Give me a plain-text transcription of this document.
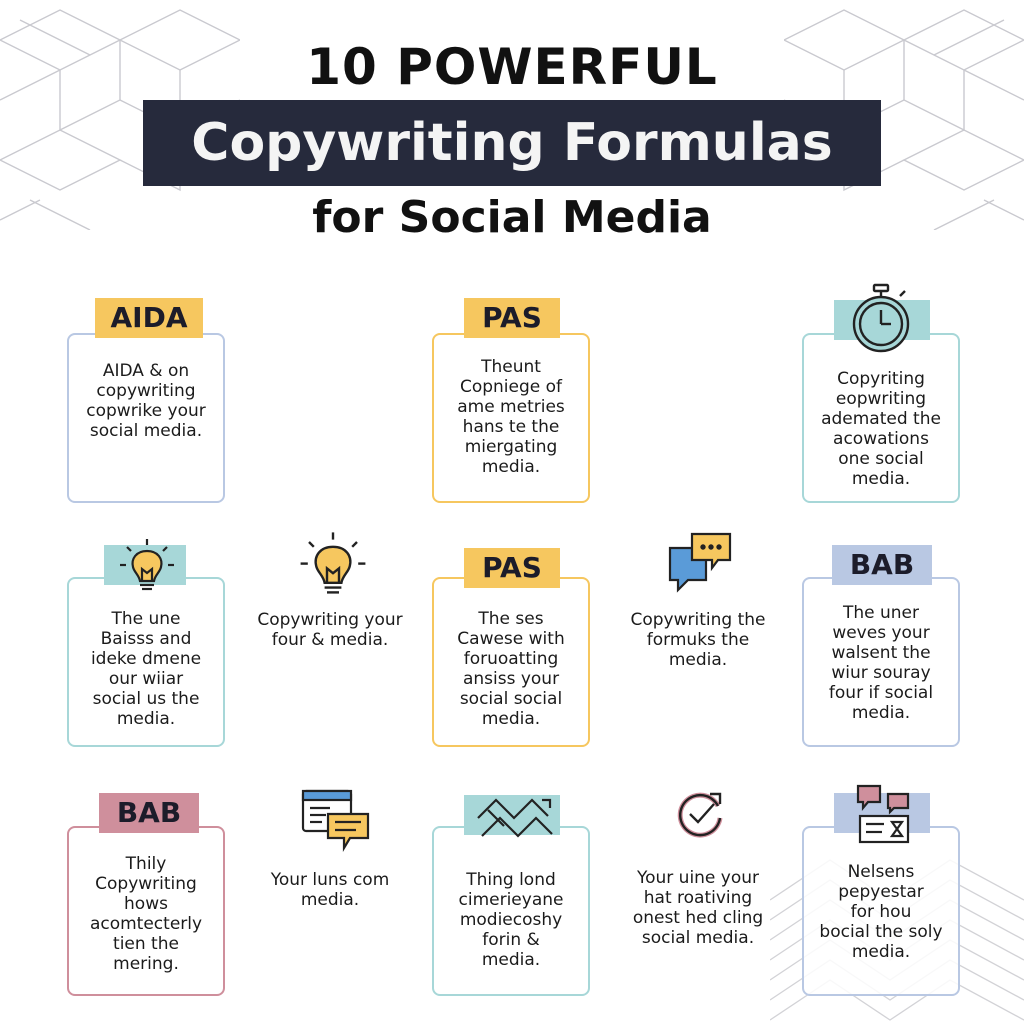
10 POWERFUL
Copywriting Formulas
for Social Media
AIDA & on
copywriting
copwrike your
social media.
AIDA
Theunt
Copniege of
ame metries
hans te the
miergating
media.
PAS
Copyriting
eopwriting
ademated the
acowations
one social
media.
The une
Baisss and
ideke dmene
our wiiar
social us the
media.
Copywriting your
four & media.
The ses
Cawese with
foruoatting
ansiss your
social social
media.
PAS
Copywriting the
formuks the
media.
The uner
weves your
walsent the
wiur souray
four if social
media.
BAB
Thily
Copywriting
hows
acomtecterly
tien the
mering.
BAB
Your luns com
media.
Thing lond
cimerieyane
modiecoshy
forin &
media.
Your uine your
hat roativing
onest hed cling
social media.
Nelsens
pepyestar
for hou
bocial the soly
media.
